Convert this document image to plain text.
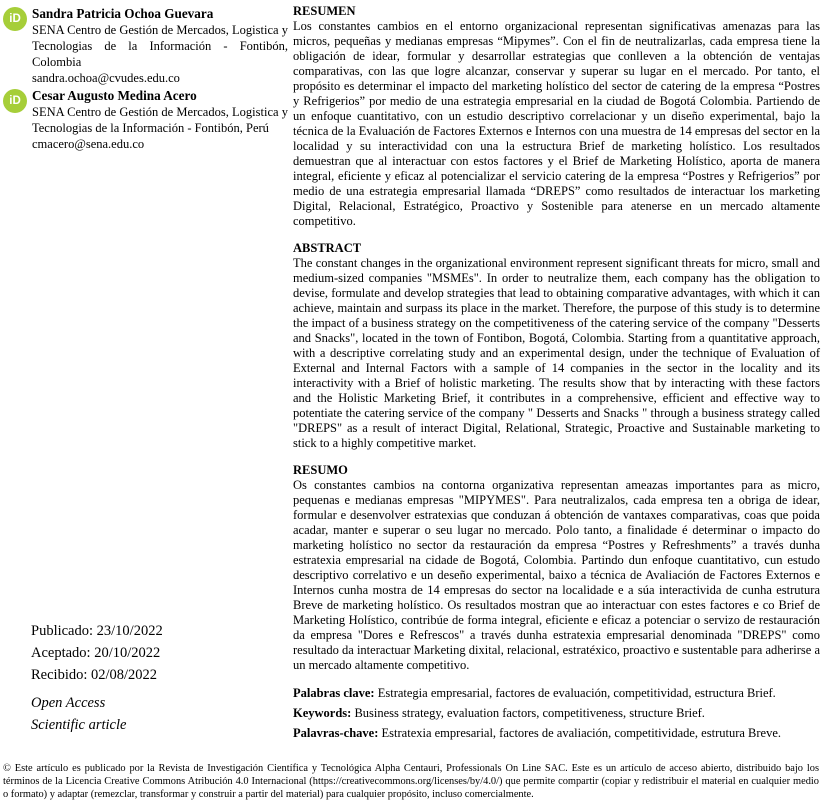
iD Sandra Patricia Ochoa Guevara
SENA Centro de Gestión de Mercados, Logistica y Tecnologias de la Información - Fontibón, Colombia
sandra.ochoa@cvudes.edu.co
iD Cesar Augusto Medina Acero
SENA Centro de Gestión de Mercados, Logistica y Tecnologias de la Información - Fontibón, Perú
cmacero@sena.edu.co
Publicado: 23/10/2022
Aceptado: 20/10/2022
Recibido: 02/08/2022
Open Access
Scientific article
RESUMEN

Los constantes cambios en el entorno organizacional representan significativas amenazas para las micros, pequeñas y medianas empresas “Mipymes”. Con el fin de neutralizarlas, cada empresa tiene la obligación de idear, formular y desarrollar estrategias que conlleven a la obtención de ventajas comparativas, con las que logre alcanzar, conservar y superar su lugar en el mercado. Por tanto, el propósito es determinar el impacto del marketing holístico del sector de catering de la empresa “Postres y Refrigerios” por medio de una estrategia empresarial en la ciudad de Bogotá Colombia. Partiendo de un enfoque cuantitativo, con un estudio descriptivo correlacionar y un diseño experimental, bajo la técnica de la Evaluación de Factores Externos e Internos con una muestra de 14 empresas del sector en la localidad y su interactividad con una la estructura Brief de marketing holístico. Los resultados demuestran que al interactuar con estos factores y el Brief de Marketing Holístico, aporta de manera integral, eficiente y eficaz al potencializar el servicio catering de la empresa “Postres y Refrigerios” por medio de una estrategia empresarial llamada “DREPS” como resultados de interactuar los marketing Digital, Relacional, Estratégico, Proactivo y Sostenible para atenerse en un mercado altamente competitivo.

ABSTRACT

The constant changes in the organizational environment represent significant threats for micro, small and medium-sized companies "MSMEs". In order to neutralize them, each company has the obligation to devise, formulate and develop strategies that lead to obtaining comparative advantages, with which it can achieve, maintain and surpass its place in the market. Therefore, the purpose of this study is to determine the impact of a business strategy on the competitiveness of the catering service of the company "Desserts and Snacks", located in the town of Fontibon, Bogotá, Colombia. Starting from a quantitative approach, with a descriptive correlating study and an experimental design, under the technique of Evaluation of External and Internal Factors with a sample of 14 companies in the sector in the locality and its interactivity with a Brief of holistic marketing. The results show that by interacting with these factors and the Holistic Marketing Brief, it contributes in a comprehensive, efficient and effective way to potentiate the catering service of the company " Desserts and Snacks " through a business strategy called "DREPS" as a result of interact Digital, Relational, Strategic, Proactive and Sustainable marketing to stick to a highly competitive market.

RESUMO

Os constantes cambios na contorna organizativa representan ameazas importantes para as micro, pequenas e medianas empresas "MIPYMES". Para neutralizalos, cada empresa ten a obriga de idear, formular e desenvolver estratexias que conduzan á obtención de vantaxes comparativas, coas que poida acadar, manter e superar o seu lugar no mercado. Polo tanto, a finalidade é determinar o impacto do marketing holístico no sector da restauración da empresa “Postres y Refreshments” a través dunha estratexia empresarial na cidade de Bogotá, Colombia. Partindo dun enfoque cuantitativo, cun estudo descriptivo correlativo e un deseño experimental, baixo a técnica de Avaliación de Factores Externos e Internos cunha mostra de 14 empresas do sector na localidade e a súa interactivida de cunha estrutura Breve de marketing holístico. Os resultados mostran que ao interactuar con estes factores e co Brief de Marketing Holístico, contribúe de forma integral, eficiente e eficaz a potenciar o servizo de restauración da empresa "Dores e Refrescos" a través dunha estratexia empresarial denominada "DREPS" como resultado da interactuar Marketing dixital, relacional, estratéxico, proactivo e sustentable para adherirse a un mercado altamente competitivo.

Palabras clave: Estrategia empresarial, factores de evaluación, competitividad, estructura Brief.

Keywords: Business strategy, evaluation factors, competitiveness, structure Brief.

Palavras-chave: Estratexia empresarial, factores de avaliación, competitividade, estrutura Breve.

© Este artículo es publicado por la Revista de Investigación Científica y Tecnológica Alpha Centauri, Professionals On Line SAC. Este es un artículo de acceso abierto, distribuido bajo los términos de la Licencia Creative Commons Atribución 4.0 Internacional (https://creativecommons.org/licenses/by/4.0/) que permite compartir (copiar y redistribuir el material en cualquier medio o formato) y adaptar (remezclar, transformar y construir a partir del material) para cualquier propósito, incluso comercialmente.
